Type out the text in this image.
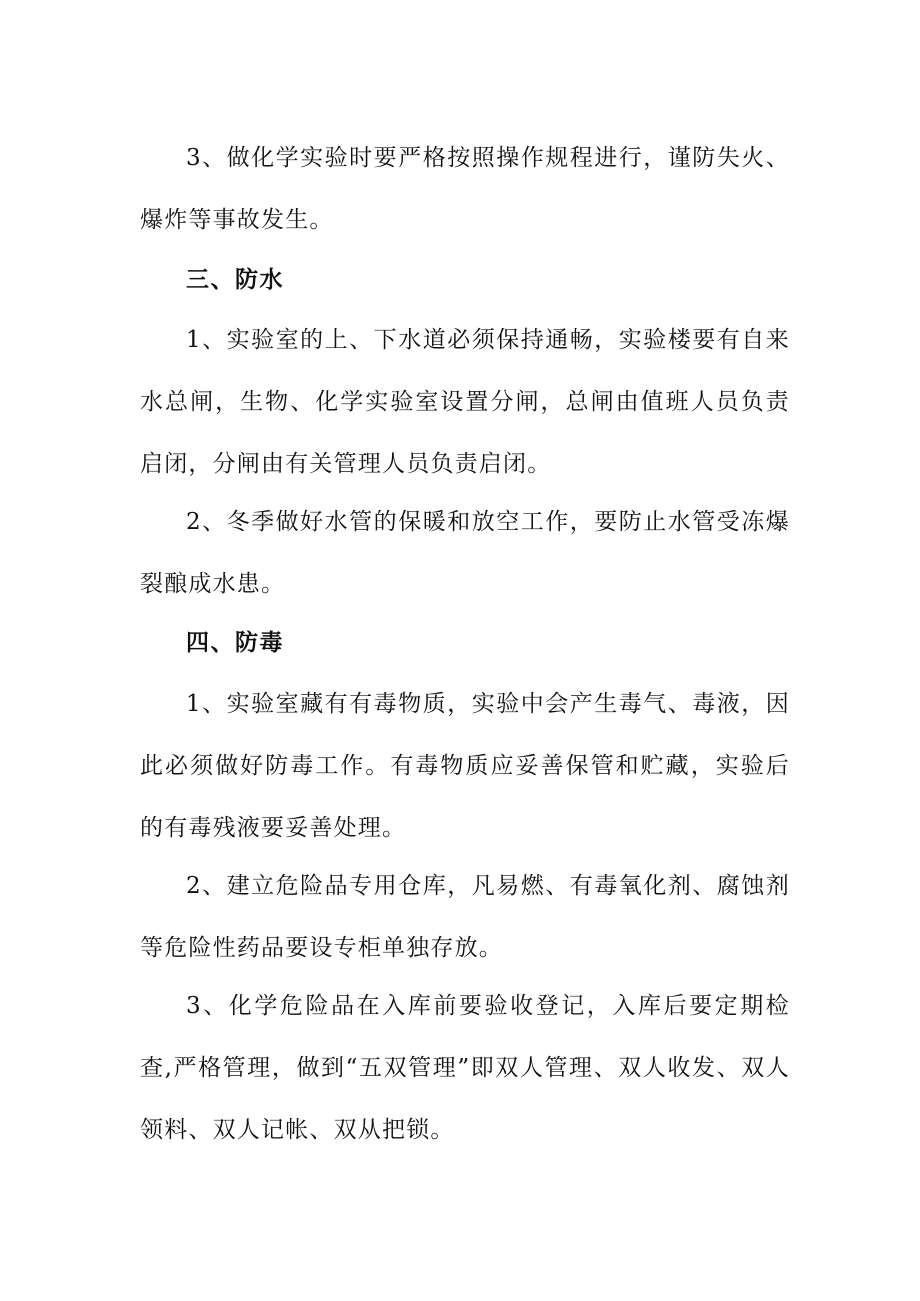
3、做化学实验时要严格按照操作规程进行，谨防失火、爆炸等事故发生。
三、防水
1、实验室的上、下水道必须保持通畅，实验楼要有自来水总闸，生物、化学实验室设置分闸，总闸由值班人员负责启闭，分闸由有关管理人员负责启闭。
2、冬季做好水管的保暖和放空工作，要防止水管受冻爆裂酿成水患。
四、防毒
1、实验室藏有有毒物质，实验中会产生毒气、毒液，因此必须做好防毒工作。有毒物质应妥善保管和贮藏，实验后的有毒残液要妥善处理。
2、建立危险品专用仓库，凡易燃、有毒氧化剂、腐蚀剂等危险性药品要设专柜单独存放。
3、化学危险品在入库前要验收登记，入库后要定期检查,严格管理，做到“五双管理”即双人管理、双人收发、双人领料、双人记帐、双从把锁。
